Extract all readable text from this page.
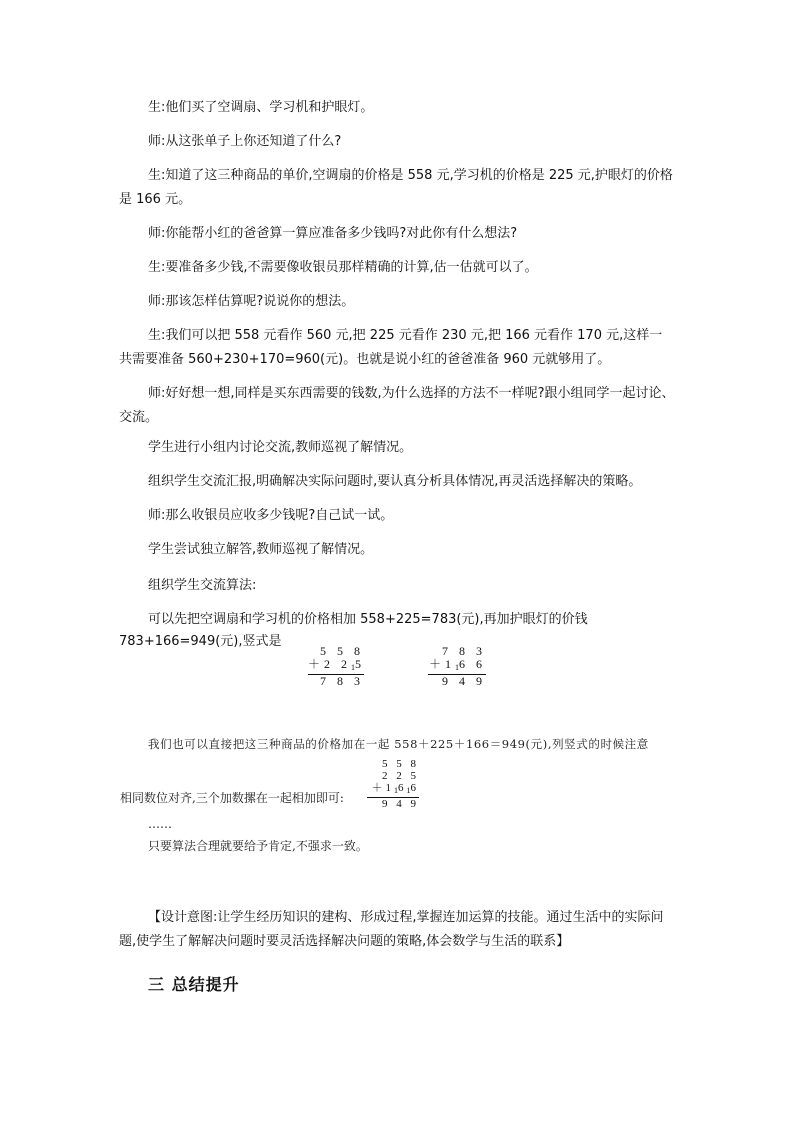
生:他们买了空调扇、学习机和护眼灯。

师:从这张单子上你还知道了什么?

生:知道了这三种商品的单价,空调扇的价格是 558 元,学习机的价格是 225 元,护眼灯的价格是 166 元。

师:你能帮小红的爸爸算一算应准备多少钱吗?对此你有什么想法?

生:要准备多少钱,不需要像收银员那样精确的计算,估一估就可以了。

师:那该怎样估算呢?说说你的想法。

生:我们可以把 558 元看作 560 元,把 225 元看作 230 元,把 166 元看作 170 元,这样一共需要准备 560+230+170=960(元)。也就是说小红的爸爸准备 960 元就够用了。

师:好好想一想,同样是买东西需要的钱数,为什么选择的方法不一样呢?跟小组同学一起讨论、交流。

学生进行小组内讨论交流,教师巡视了解情况。

组织学生交流汇报,明确解决实际问题时,要认真分析具体情况,再灵活选择解决的策略。

师:那么收银员应收多少钱呢?自己试一试。

学生尝试独立解答,教师巡视了解情况。

组织学生交流算法:

可以先把空调扇和学习机的价格相加 558+225=783(元),再加护眼灯的价钱

783+166=949(元),竖式是

5 5 8
＋2 $2_15$
7 8 3
7 8 3
$+1_16$ 6
9 4 9
我们也可以直接把这三种商品的价格加在一起 558＋225＋166＝949(元),列竖式的时候注意
5 5 8
2 2 5
$+1_16_16$
9 4 9
相同数位对齐,三个加数摞在一起相加即可:
……
只要算法合理就要给予肯定,不强求一致。

【设计意图:让学生经历知识的建构、形成过程,掌握连加运算的技能。通过生活中的实际问题,使学生了解解决问题时要灵活选择解决问题的策略,体会数学与生活的联系】

三 总结提升
